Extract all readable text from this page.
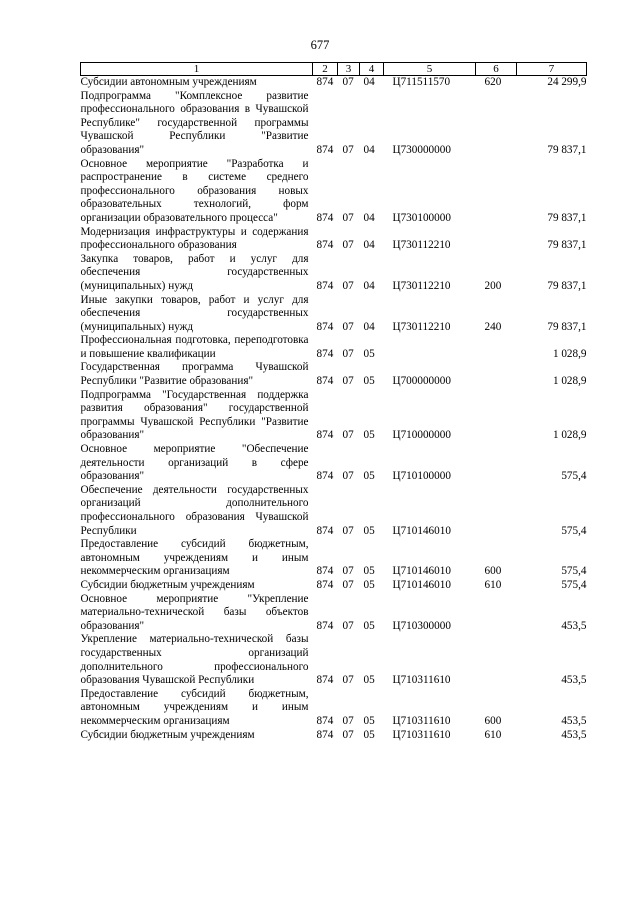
677
1	2	3	4	5	6	7
Субсидии автономным учреждениям	874	07	04	Ц711511570	620	24 299,9
Подпрограмма "Комплексное развитие профессионального образования в Чувашской Республике" государственной программы Чувашской Республики "Развитие образования"	874	07	04	Ц730000000		79 837,1
Основное мероприятие "Разработка и распространение в системе среднего профессионального образования новых образовательных технологий, форм организации образовательного процесса"	874	07	04	Ц730100000		79 837,1
Модернизация инфраструктуры и содержания профессионального образования	874	07	04	Ц730112210		79 837,1
Закупка товаров, работ и услуг для обеспечения государственных (муниципальных) нужд	874	07	04	Ц730112210	200	79 837,1
Иные закупки товаров, работ и услуг для обеспечения государственных (муниципальных) нужд	874	07	04	Ц730112210	240	79 837,1
Профессиональная подготовка, переподготовка и повышение квалификации	874	07	05			1 028,9
Государственная программа Чувашской Республики "Развитие образования"	874	07	05	Ц700000000		1 028,9
Подпрограмма "Государственная поддержка развития образования" государственной программы Чувашской Республики "Развитие образования"	874	07	05	Ц710000000		1 028,9
Основное мероприятие "Обеспечение деятельности организаций в сфере образования"	874	07	05	Ц710100000		575,4
Обеспечение деятельности государственных организаций дополнительного профессионального образования Чувашской Республики	874	07	05	Ц710146010		575,4
Предоставление субсидий бюджетным, автономным учреждениям и иным некоммерческим организациям	874	07	05	Ц710146010	600	575,4
Субсидии бюджетным учреждениям	874	07	05	Ц710146010	610	575,4
Основное мероприятие "Укрепление материально-технической базы объектов образования"	874	07	05	Ц710300000		453,5
Укрепление материально-технической базы государственных организаций дополнительного профессионального образования Чувашской Республики	874	07	05	Ц710311610		453,5
Предоставление субсидий бюджетным, автономным учреждениям и иным некоммерческим организациям	874	07	05	Ц710311610	600	453,5
Субсидии бюджетным учреждениям	874	07	05	Ц710311610	610	453,5
